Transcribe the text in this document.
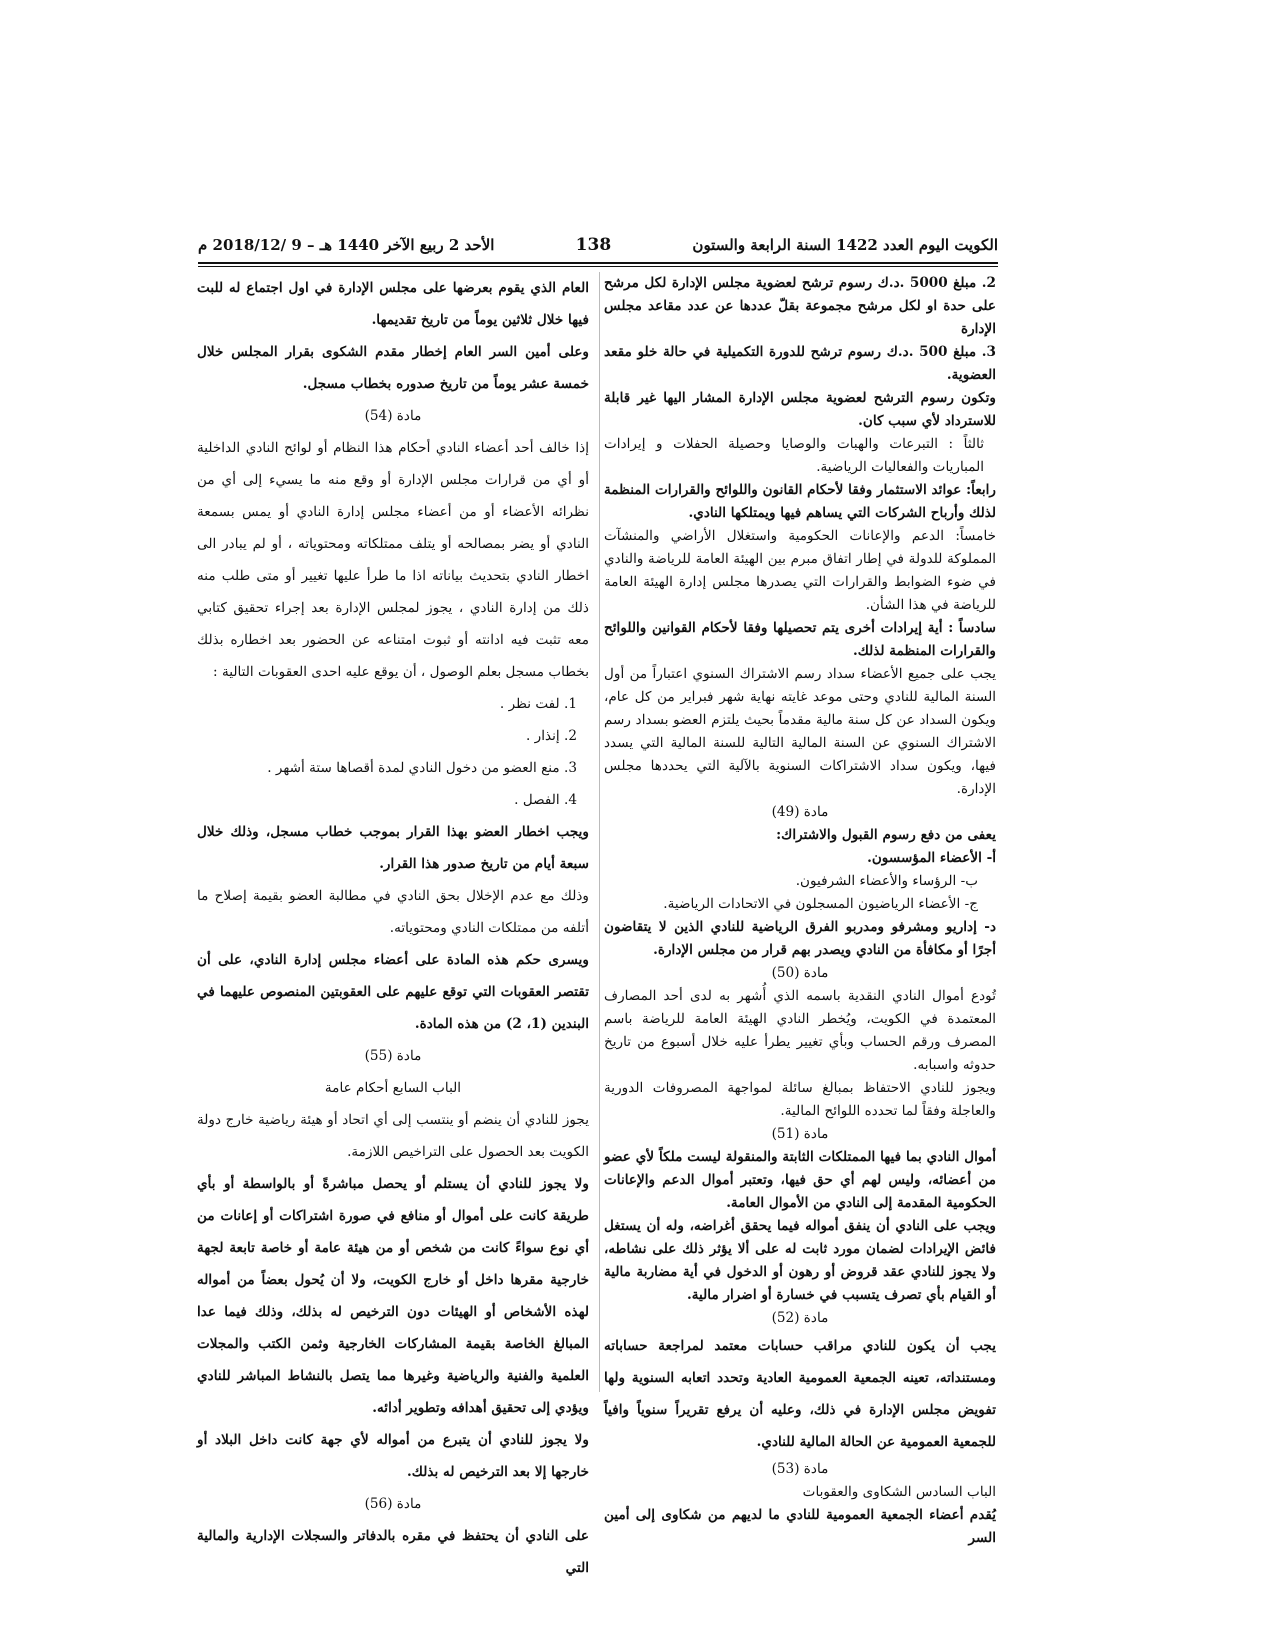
الكويت اليوم العدد 1422 السنة الرابعة والستون
138
الأحد 2 ربيع الآخر 1440 هـ – 9 /2018/12 م

2. مبلغ 5000 .د.ك رسوم ترشح لعضوية مجلس الإدارة لكل مرشح على حدة او لكل مرشح مجموعة بقلّ عددها عن عدد مقاعد مجلس الإدارة

3. مبلغ 500 .د.ك رسوم ترشح للدورة التكميلية في حالة خلو مقعد العضوية.

وتكون رسوم الترشح لعضوية مجلس الإدارة المشار اليها غير قابلة للاسترداد لأي سبب كان.

ثالثاً : التبرعات والهبات والوصايا وحصيلة الحفلات و إيرادات المباريات والفعاليات الرياضية.

رابعاً: عوائد الاستثمار وفقا لأحكام القانون واللوائح والقرارات المنظمة لذلك وأرباح الشركات التي يساهم فيها ويمتلكها النادي.

خامساً: الدعم والإعانات الحكومية واستغلال الأراضي والمنشآت المملوكة للدولة في إطار اتفاق مبرم بين الهيئة العامة للرياضة والنادي في ضوء الضوابط والقرارات التي يصدرها مجلس إدارة الهيئة العامة للرياضة في هذا الشأن.

سادساً : أية إيرادات أخرى يتم تحصيلها وفقا لأحكام القوانين واللوائح والقرارات المنظمة لذلك.

يجب على جميع الأعضاء سداد رسم الاشتراك السنوي اعتباراً من أول السنة المالية للنادي وحتى موعد غايته نهاية شهر فبراير من كل عام، ويكون السداد عن كل سنة مالية مقدماً بحيث يلتزم العضو بسداد رسم الاشتراك السنوي عن السنة المالية التالية للسنة المالية التي يسدد فيها، ويكون سداد الاشتراكات السنوية بالآلية التي يحددها مجلس الإدارة.

مادة (49)

يعفى من دفع رسوم القبول والاشتراك:

أ- الأعضاء المؤسسون.

ب- الرؤساء والأعضاء الشرفيون.

ج- الأعضاء الرياضيون المسجلون في الاتحادات الرياضية.

د- إداريو ومشرفو ومدربو الفرق الرياضية للنادي الذين لا يتقاضون أجرًا أو مكافأة من النادي ويصدر بهم قرار من مجلس الإدارة.

مادة (50)

تُودع أموال النادي النقدية باسمه الذي أُشهر به لدى أحد المصارف المعتمدة في الكويت، ويُخطر النادي الهيئة العامة للرياضة باسم المصرف ورقم الحساب وبأي تغيير يطرأ عليه خلال أسبوع من تاريخ حدوثه واسبابه.

ويجوز للنادي الاحتفاظ بمبالغ سائلة لمواجهة المصروفات الدورية والعاجلة وفقاً لما تحدده اللوائح المالية.

مادة (51)

أموال النادي بما فيها الممتلكات الثابتة والمنقولة ليست ملكاً لأي عضو من أعضائه، وليس لهم أي حق فيها، وتعتبر أموال الدعم والإعانات الحكومية المقدمة إلى النادي من الأموال العامة.

ويجب على النادي أن ينفق أمواله فيما يحقق أغراضه، وله أن يستغل فائض الإيرادات لضمان مورد ثابت له على ألا يؤثر ذلك على نشاطه، ولا يجوز للنادي عقد قروض أو رهون أو الدخول في أية مضاربة مالية أو القيام بأي تصرف يتسبب في خسارة أو اضرار مالية.

مادة (52)

يجب أن يكون للنادي مراقب حسابات معتمد لمراجعة حساباته ومستنداته، تعينه الجمعية العمومية العادية وتحدد اتعابه السنوية ولها تفويض مجلس الإدارة في ذلك، وعليه أن يرفع تقريراً سنوياً وافياً للجمعية العمومية عن الحالة المالية للنادي.

مادة (53)

الباب السادس الشكاوى والعقوبات

يُقدم أعضاء الجمعية العمومية للنادي ما لديهم من شكاوى إلى أمين السر

العام الذي يقوم بعرضها على مجلس الإدارة في اول اجتماع له للبت فيها خلال ثلاثين يوماً من تاريخ تقديمها.

وعلى أمين السر العام إخطار مقدم الشكوى بقرار المجلس خلال خمسة عشر يوماً من تاريخ صدوره بخطاب مسجل.

مادة (54)

إذا خالف أحد أعضاء النادي أحكام هذا النظام أو لوائح النادي الداخلية أو أي من قرارات مجلس الإدارة أو وقع منه ما يسيء إلى أي من نظرائه الأعضاء أو من أعضاء مجلس إدارة النادي أو يمس بسمعة النادي أو يضر بمصالحه أو يتلف ممتلكاته ومحتوياته ، أو لم يبادر الى اخطار النادي بتحديث بياناته اذا ما طرأ عليها تغيير أو متى طلب منه ذلك من إدارة النادي ، يجوز لمجلس الإدارة بعد إجراء تحقيق كتابي معه تثبت فيه ادانته أو ثبوت امتناعه عن الحضور بعد اخطاره بذلك بخطاب مسجل بعلم الوصول ، أن يوقع عليه احدى العقوبات التالية :

1. لفت نظر .

2. إنذار .

3. منع العضو من دخول النادي لمدة أقصاها ستة أشهر .

4. الفصل .

ويجب اخطار العضو بهذا القرار بموجب خطاب مسجل، وذلك خلال سبعة أيام من تاريخ صدور هذا القرار.

وذلك مع عدم الإخلال بحق النادي في مطالبة العضو بقيمة إصلاح ما أتلفه من ممتلكات النادي ومحتوياته.

ويسرى حكم هذه المادة على أعضاء مجلس إدارة النادي، على أن تقتصر العقوبات التي توقع عليهم على العقوبتين المنصوص عليهما في البندين (1، 2) من هذه المادة.

مادة (55)

الباب السابع أحكام عامة

يجوز للنادي أن ينضم أو ينتسب إلى أي اتحاد أو هيئة رياضية خارج دولة الكويت بعد الحصول على التراخيص اللازمة.

ولا يجوز للنادي أن يستلم أو يحصل مباشرةً أو بالواسطة أو بأي طريقة كانت على أموال أو منافع في صورة اشتراكات أو إعانات من أي نوع سواءً كانت من شخص أو من هيئة عامة أو خاصة تابعة لجهة خارجية مقرها داخل أو خارج الكويت، ولا أن يُحول بعضاً من أمواله لهذه الأشخاص أو الهيئات دون الترخيص له بذلك، وذلك فيما عدا المبالغ الخاصة بقيمة المشاركات الخارجية وثمن الكتب والمجلات العلمية والفنية والرياضية وغيرها مما يتصل بالنشاط المباشر للنادي ويؤدي إلى تحقيق أهدافه وتطوير أدائه.

ولا يجوز للنادي أن يتبرع من أمواله لأي جهة كانت داخل البلاد أو خارجها إلا بعد الترخيص له بذلك.

مادة (56)

على النادي أن يحتفظ في مقره بالدفاتر والسجلات الإدارية والمالية التي
